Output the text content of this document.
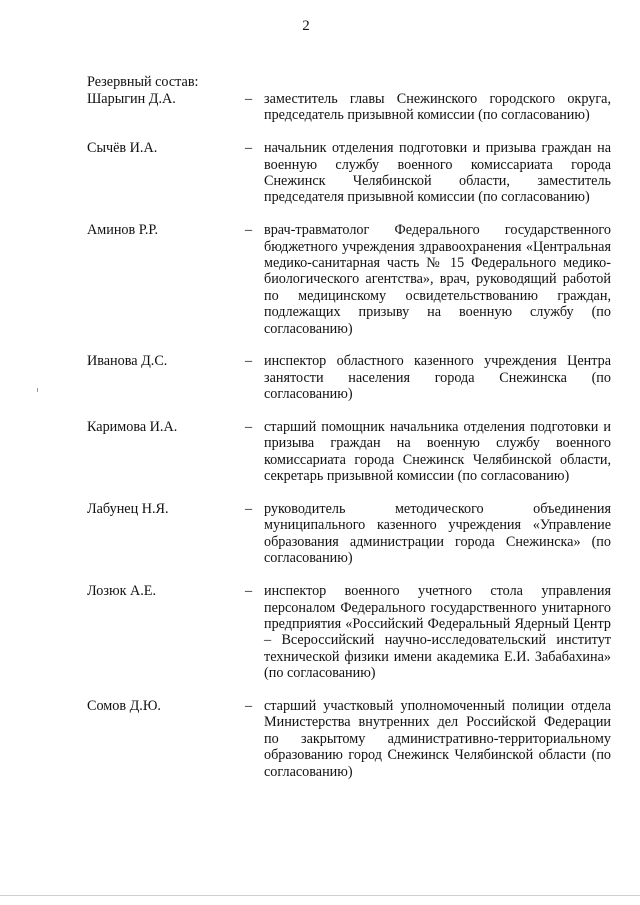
2
Резервный состав:
Шарыгин Д.А.	– заместитель главы Снежинского городского округа, председатель призывной комиссии (по согласованию)
Сычёв И.А.	– начальник отделения подготовки и призыва граждан на военную службу военного комиссариата города Снежинск Челябинской области, заместитель председателя призывной комиссии (по согласованию)
Аминов Р.Р.	– врач-травматолог Федерального государственного бюджетного учреждения здравоохранения «Центральная медико-санитарная часть № 15 Федерального медико-биологического агентства», врач, руководящий работой по медицинскому освидетельствованию граждан, подлежащих призыву на военную службу (по согласованию)
Иванова Д.С.	– инспектор областного казенного учреждения Центра занятости населения города Снежинска (по согласованию)
Каримова И.А.	– старший помощник начальника отделения подготовки и призыва граждан на военную службу военного комиссариата города Снежинск Челябинской области, секретарь призывной комиссии (по согласованию)
Лабунец Н.Я.	– руководитель методического объединения муниципального казенного учреждения «Управление образования администрации города Снежинска» (по согласованию)
Лозюк А.Е.	– инспектор военного учетного стола управления персоналом Федерального государственного унитарного предприятия «Российский Федеральный Ядерный Центр – Всероссийский научно-исследовательский институт технической физики имени академика Е.И. Забабахина» (по согласованию)
Сомов Д.Ю.	– старший участковый уполномоченный полиции отдела Министерства внутренних дел Российской Федерации по закрытому административно-территориальному образованию город Снежинск Челябинской области (по согласованию)
